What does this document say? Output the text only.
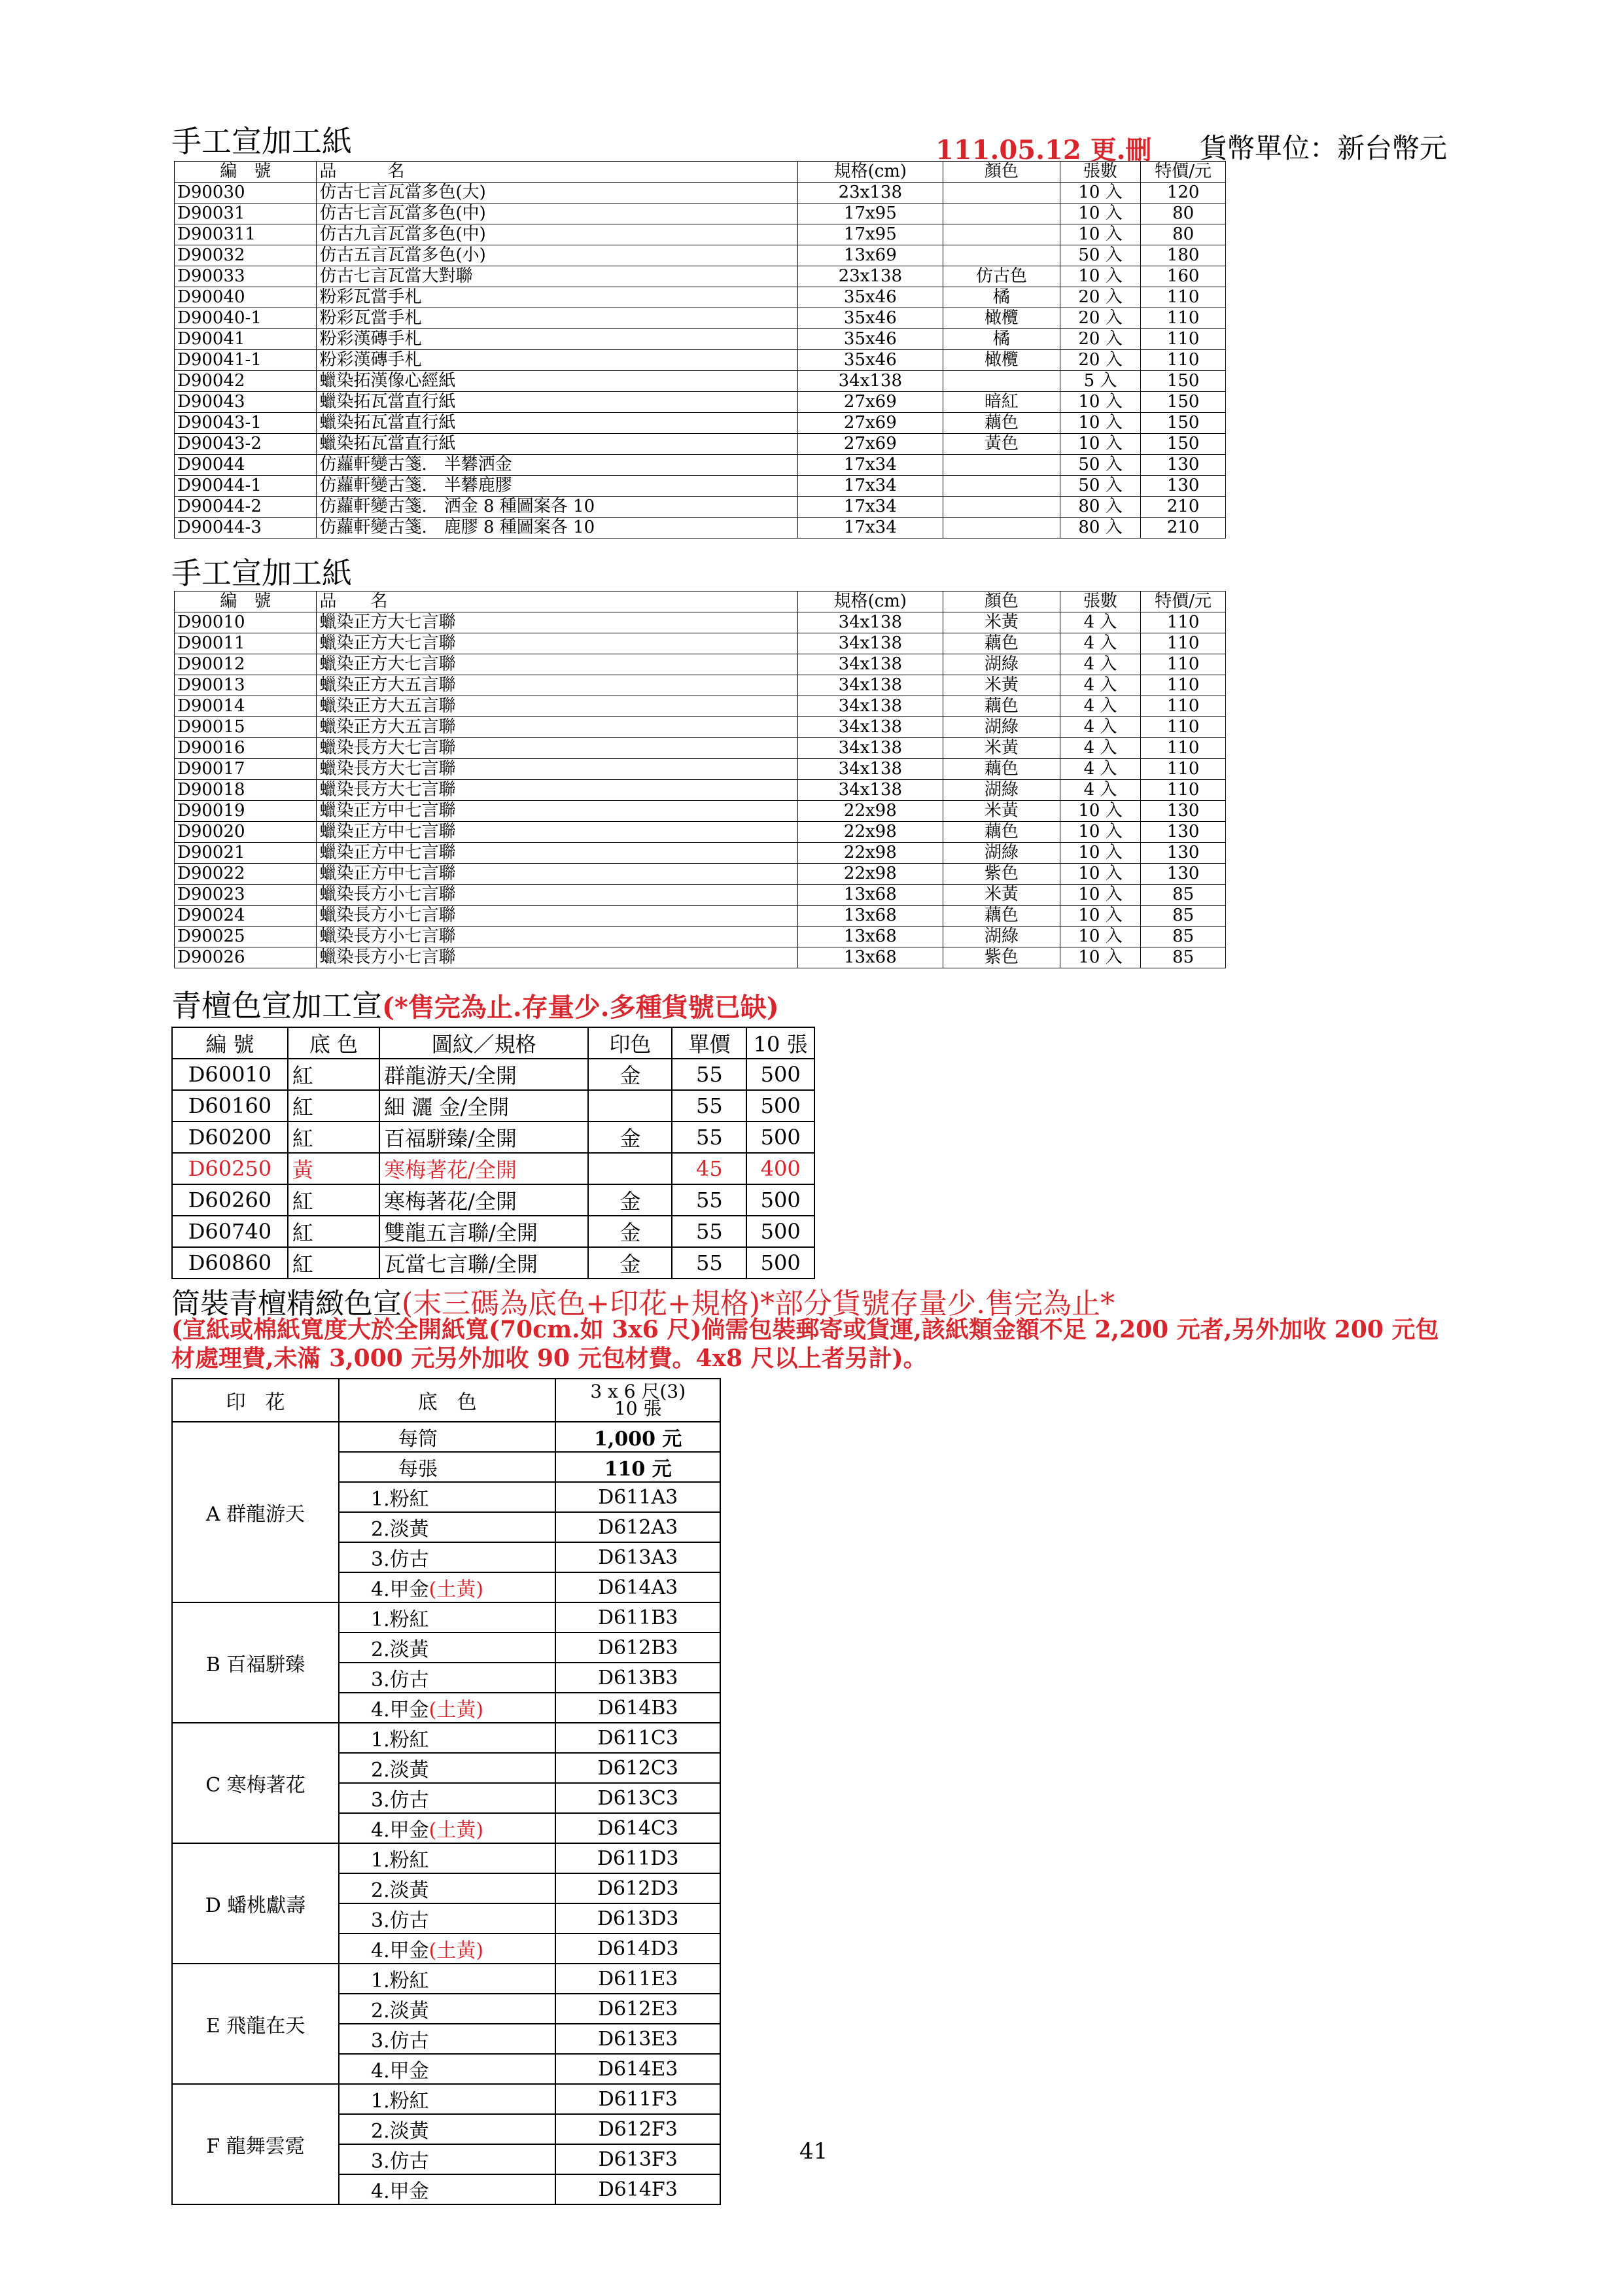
手工宣加工紙	111.05.12 更.刪 貨幣單位：新台幣元
編　號	品　　　名	規格(cm)	顏色	張數	特價/元
D90030	仿古七言瓦當多色(大)	23x138		10 入	120
D90031	仿古七言瓦當多色(中)	17x95		10 入	80
D900311	仿古九言瓦當多色(中)	17x95		10 入	80
D90032	仿古五言瓦當多色(小)	13x69		50 入	180
D90033	仿古七言瓦當大對聯	23x138	仿古色	10 入	160
D90040	粉彩瓦當手札	35x46	橘	20 入	110
D90040-1	粉彩瓦當手札	35x46	橄欖	20 入	110
D90041	粉彩漢磚手札	35x46	橘	20 入	110
D90041-1	粉彩漢磚手札	35x46	橄欖	20 入	110
D90042	蠟染拓漢像心經紙	34x138		5 入	150
D90043	蠟染拓瓦當直行紙	27x69	暗紅	10 入	150
D90043-1	蠟染拓瓦當直行紙	27x69	藕色	10 入	150
D90043-2	蠟染拓瓦當直行紙	27x69	黃色	10 入	150
D90044	仿蘿軒變古箋.　半礬洒金	17x34		50 入	130
D90044-1	仿蘿軒變古箋.　半礬鹿膠	17x34		50 入	130
D90044-2	仿蘿軒變古箋.　洒金 8 種圖案各 10	17x34		80 入	210
D90044-3	仿蘿軒變古箋.　鹿膠 8 種圖案各 10	17x34		80 入	210
手工宣加工紙
編　號	品　　名	規格(cm)	顏色	張數	特價/元
D90010	蠟染正方大七言聯	34x138	米黃	4 入	110
D90011	蠟染正方大七言聯	34x138	藕色	4 入	110
D90012	蠟染正方大七言聯	34x138	湖綠	4 入	110
D90013	蠟染正方大五言聯	34x138	米黃	4 入	110
D90014	蠟染正方大五言聯	34x138	藕色	4 入	110
D90015	蠟染正方大五言聯	34x138	湖綠	4 入	110
D90016	蠟染長方大七言聯	34x138	米黃	4 入	110
D90017	蠟染長方大七言聯	34x138	藕色	4 入	110
D90018	蠟染長方大七言聯	34x138	湖綠	4 入	110
D90019	蠟染正方中七言聯	22x98	米黃	10 入	130
D90020	蠟染正方中七言聯	22x98	藕色	10 入	130
D90021	蠟染正方中七言聯	22x98	湖綠	10 入	130
D90022	蠟染正方中七言聯	22x98	紫色	10 入	130
D90023	蠟染長方小七言聯	13x68	米黃	10 入	85
D90024	蠟染長方小七言聯	13x68	藕色	10 入	85
D90025	蠟染長方小七言聯	13x68	湖綠	10 入	85
D90026	蠟染長方小七言聯	13x68	紫色	10 入	85
青檀色宣加工宣(*售完為止.存量少.多種貨號已缺)
編 號	底 色	圖紋／規格	印色	單價	10 張
D60010	紅	群龍游天/全開	金	55	500
D60160	紅	細 灑 金/全開		55	500
D60200	紅	百福駢臻/全開	金	55	500
D60250	黃	寒梅著花/全開		45	400
D60260	紅	寒梅著花/全開	金	55	500
D60740	紅	雙龍五言聯/全開	金	55	500
D60860	紅	瓦當七言聯/全開	金	55	500
筒裝青檀精緻色宣(末三碼為底色+印花+規格)*部分貨號存量少.售完為止*
(宣紙或棉紙寬度大於全開紙寬(70cm.如 3x6 尺)倘需包裝郵寄或貨運,該紙類金額不足 2,200 元者,另外加收 200 元包材處理費,未滿 3,000 元另外加收 90 元包材費。4x8 尺以上者另計)。
印　花	底　色	3 x 6 尺(3)
10 張

A 群龍游天	每筒	1,000 元
	每張	110 元
	1.粉紅	D611A3
	2.淡黃	D612A3
	3.仿古	D613A3
	4.甲金(土黃)	D614A3
B 百福駢臻	1.粉紅	D611B3
	2.淡黃	D612B3
	3.仿古	D613B3
	4.甲金(土黃)	D614B3
C 寒梅著花	1.粉紅	D611C3
	2.淡黃	D612C3
	3.仿古	D613C3
	4.甲金(土黃)	D614C3
D 蟠桃獻壽	1.粉紅	D611D3
	2.淡黃	D612D3
	3.仿古	D613D3
	4.甲金(土黃)	D614D3
E 飛龍在天	1.粉紅	D611E3
	2.淡黃	D612E3
	3.仿古	D613E3
	4.甲金	D614E3
F 龍舞雲霓	1.粉紅	D611F3
	2.淡黃	D612F3
	3.仿古	D613F3
	4.甲金	D614F3
41
